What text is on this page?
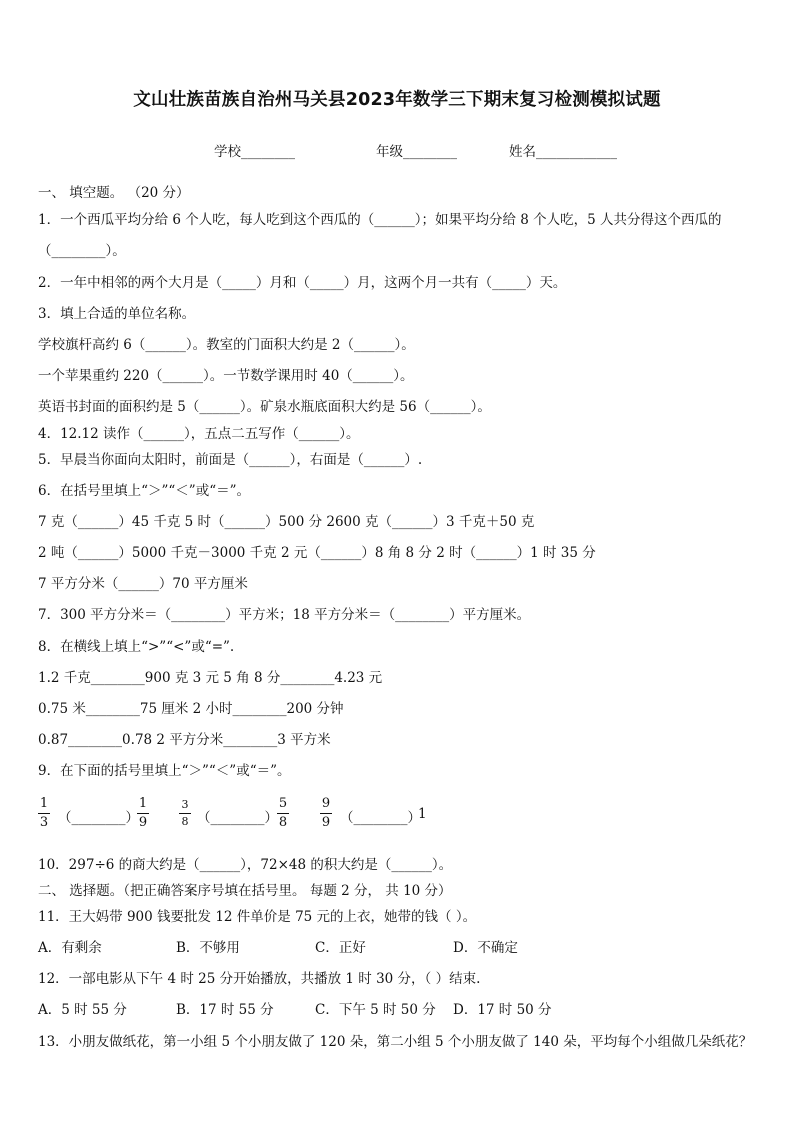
文山壮族苗族自治州马关县2023年数学三下期末复习检测模拟试题
学校________	年级________	姓名____________
一、 填空题。 （20 分）
1．一个西瓜平均分给 6 个人吃，每人吃到这个西瓜的（______）；如果平均分给 8 个人吃，5 人共分得这个西瓜的
（________）。
2．一年中相邻的两个大月是（_____）月和（_____）月，这两个月一共有（_____）天。
3．填上合适的单位名称。
学校旗杆高约 6（______）。教室的门面积大约是 2（______）。
一个苹果重约 220（______）。一节数学课用时 40（______）。
英语书封面的面积约是 5（______）。矿泉水瓶底面积大约是 56（______）。
4．12.12 读作（______），五点二五写作（______）。
5．早晨当你面向太阳时，前面是（______），右面是（______）.
6．在括号里填上“＞”“＜”或“＝”。
7 克（______）45 千克 5 时（______）500 分 2600 克（______）3 千克＋50 克
2 吨（______）5000 千克－3000 千克 2 元（______）8 角 8 分 2 时（______）1 时 35 分
7 平方分米（______）70 平方厘米
7．300 平方分米＝（________）平方米；18 平方分米＝（________）平方厘米。
8．在横线上填上“>”“<”或“=”.
1.2 千克________900 克 3 元 5 角 8 分________4.23 元
0.75 米________75 厘米 2 小时________200 分钟
0.87________0.78 2 平方分米________3 平方米
9．在下面的括号里填上“＞”“＜”或“＝”。
1
3 （________）
1
9
3
8 （________）
5
8
9
9 （________）
1
10．297÷6 的商大约是（______），72×48 的积大约是（______）。
二、 选择题。（把正确答案序号填在括号里。 每题 2 分， 共 10 分）
11．王大妈带 900 钱要批发 12 件单价是 75 元的上衣，她带的钱（ ）。
A．有剩余	B．不够用	C．正好	D．不确定
12．一部电影从下午 4 时 25 分开始播放，共播放 1 时 30 分，（ ）结束.
A．5 时 55 分	B．17 时 55 分	C．下午 5 时 50 分 D．17 时 50 分
13．小朋友做纸花，第一小组 5 个小朋友做了 120 朵，第二小组 5 个小朋友做了 140 朵，平均每个小组做几朵纸花？
